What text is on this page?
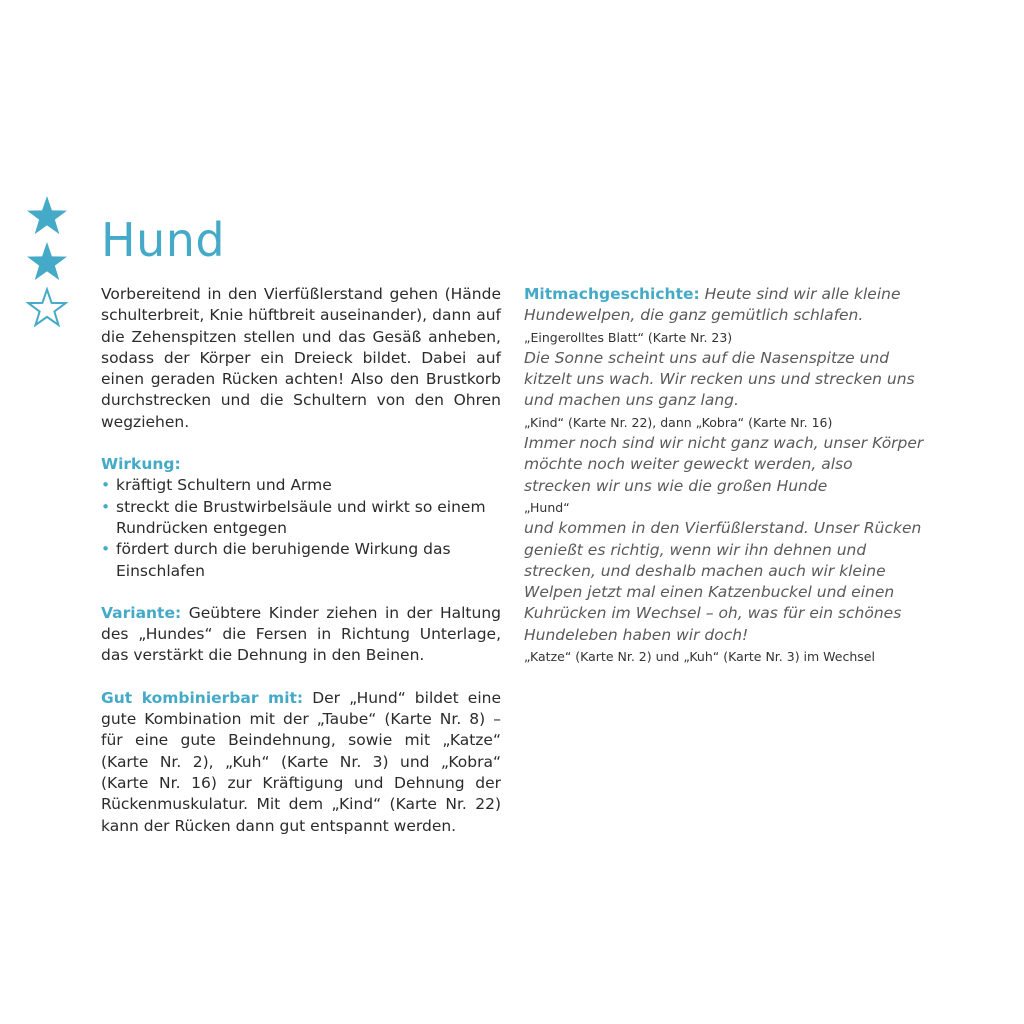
Hund

Vorbereitend in den Vierfüßlerstand gehen (Hände schulterbreit, Knie hüftbreit auseinander), dann auf die Zehenspitzen stellen und das Gesäß anheben, sodass der Körper ein Dreieck bildet. Dabei auf einen geraden Rücken achten! Also den Brustkorb durchstrecken und die Schultern von den Ohren wegziehen.

Wirkung:

• kräftigt Schultern und Arme
• streckt die Brustwirbelsäule und wirkt so einem Rundrücken entgegen
• fördert durch die beruhigende Wirkung das Einschlafen

Variante: Geübtere Kinder ziehen in der Haltung des „Hundes“ die Fersen in Richtung Unterlage, das verstärkt die Dehnung in den Beinen.

Gut kombinierbar mit: Der „Hund“ bildet eine gute Kombination mit der „Taube“ (Karte Nr. 8) – für eine gute Beindehnung, sowie mit „Katze“ (Karte Nr. 2), „Kuh“ (Karte Nr. 3) und „Kobra“ (Karte Nr. 16) zur Kräftigung und Dehnung der Rückenmuskulatur. Mit dem „Kind“ (Karte Nr. 22) kann der Rücken dann gut entspannt werden.

Mitmachgeschichte: Heute sind wir alle kleine Hundewelpen, die ganz gemütlich schlafen.

„Eingerolltes Blatt“ (Karte Nr. 23)

Die Sonne scheint uns auf die Nasenspitze und kitzelt uns wach. Wir recken uns und strecken uns und machen uns ganz lang.

„Kind“ (Karte Nr. 22), dann „Kobra“ (Karte Nr. 16)

Immer noch sind wir nicht ganz wach, unser Körper möchte noch weiter geweckt werden, also strecken wir uns wie die großen Hunde

„Hund“

und kommen in den Vierfüßlerstand. Unser Rücken genießt es richtig, wenn wir ihn dehnen und strecken, und deshalb machen auch wir kleine Welpen jetzt mal einen Katzenbuckel und einen Kuhrücken im Wechsel – oh, was für ein schönes Hundeleben haben wir doch!

„Katze“ (Karte Nr. 2) und „Kuh“ (Karte Nr. 3) im Wechsel
